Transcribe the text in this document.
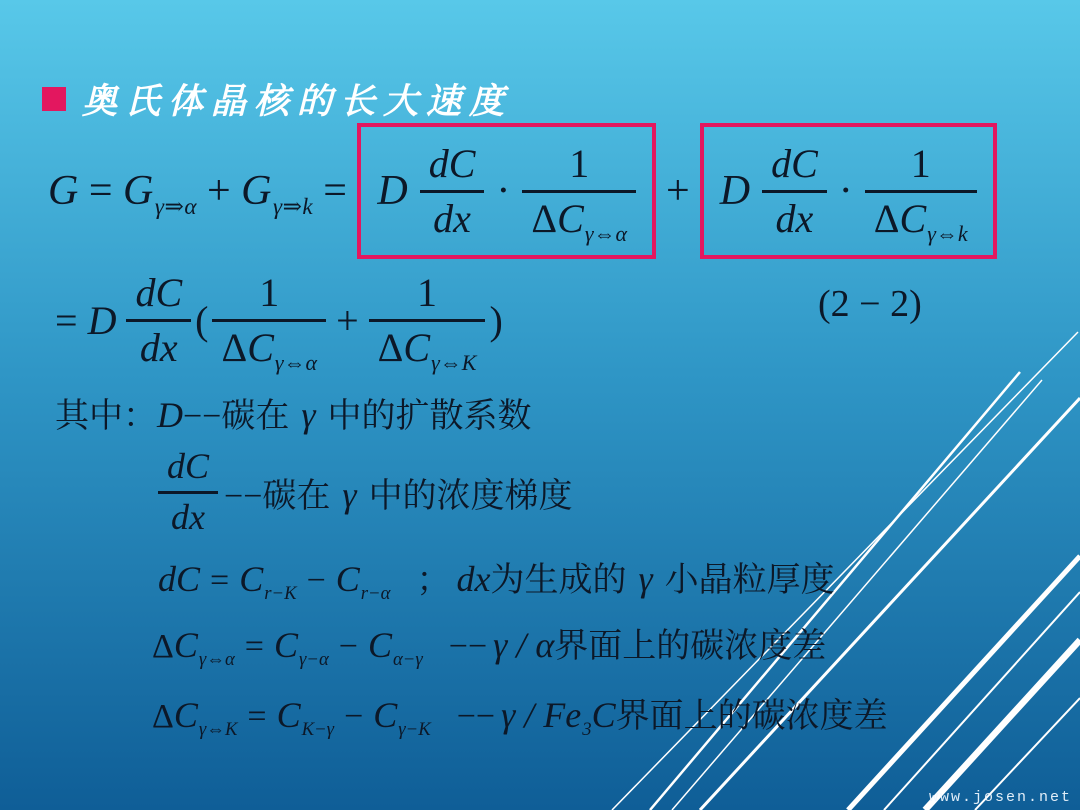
奥氏体晶核的长大速度
$G = G_{\gamma\Rightarrow\alpha} + G_{\gamma\Rightarrow k} = D \frac{dC}{dx} \cdot \frac{1}{\Delta C_{\gamma\Leftrightarrow\alpha}} + D \frac{dC}{dx} \cdot \frac{1}{\Delta C_{\gamma\Leftrightarrow k}}$
= D $\frac{dC}{dx}$ ( $\frac{1}{\Delta C_{\gamma\Leftrightarrow\alpha}} + \frac{1}{\Delta C_{\gamma\Leftrightarrow K}}$ )	(2 − 2)
其中：D−−碳在 γ 中的扩散系数
$\frac{dC}{dx}$ −−碳在 γ 中的浓度梯度
dC = $C_{r-K} - C_{r-\alpha}$ ； dx为生成的 γ 小晶粒厚度
$\Delta C_{\gamma\Leftrightarrow\alpha} = C_{\gamma-\alpha} - C_{\alpha-\gamma} -- \gamma / \alpha$界面上的碳浓度差
$\Delta C_{\gamma\Leftrightarrow K} = C_{K-\gamma} - C_{\gamma-K} -- \gamma / Fe_3C$界面上的碳浓度差
www.josen.net
